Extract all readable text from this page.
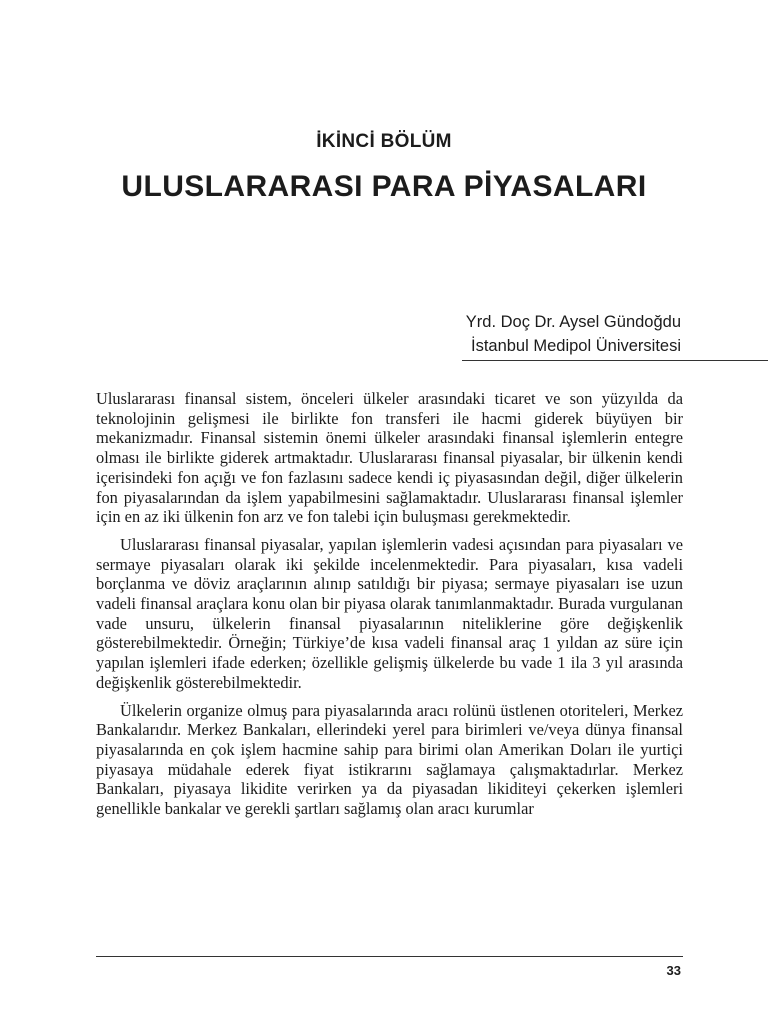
İKİNCİ BÖLÜM
ULUSLARARASI PARA PİYASALARI
Yrd. Doç Dr. Aysel Gündoğdu
İstanbul Medipol Üniversitesi

Uluslararası finansal sistem, önceleri ülkeler arasındaki ticaret ve son yüzyılda da teknolojinin gelişmesi ile birlikte fon transferi ile hacmi giderek büyüyen bir mekanizmadır. Finansal sistemin önemi ülkeler arasındaki finansal işlemlerin entegre olması ile birlikte giderek artmaktadır. Uluslararası finansal piyasalar, bir ülkenin kendi içerisindeki fon açığı ve fon fazlasını sadece kendi iç piyasasından değil, diğer ülkelerin fon piyasalarından da işlem yapabilmesini sağlamaktadır. Uluslararası finansal işlemler için en az iki ülkenin fon arz ve fon talebi için buluşması gerekmektedir.

Uluslararası finansal piyasalar, yapılan işlemlerin vadesi açısından para piyasaları ve sermaye piyasaları olarak iki şekilde incelenmektedir. Para piyasaları, kısa vadeli borçlanma ve döviz araçlarının alınıp satıldığı bir piyasa; sermaye piyasaları ise uzun vadeli finansal araçlara konu olan bir piyasa olarak tanımlanmaktadır. Burada vurgulanan vade unsuru, ülkelerin finansal piyasalarının niteliklerine göre değişkenlik gösterebilmektedir. Örneğin; Türkiye’de kısa vadeli finansal araç 1 yıldan az süre için yapılan işlemleri ifade ederken; özellikle gelişmiş ülkelerde bu vade 1 ila 3 yıl arasında değişkenlik gösterebilmektedir.

Ülkelerin organize olmuş para piyasalarında aracı rolünü üstlenen otoriteleri, Merkez Bankalarıdır. Merkez Bankaları, ellerindeki yerel para birimleri ve/veya dünya finansal piyasalarında en çok işlem hacmine sahip para birimi olan Amerikan Doları ile yurtiçi piyasaya müdahale ederek fiyat istikrarını sağlamaya çalışmaktadırlar. Merkez Bankaları, piyasaya likidite verirken ya da piyasadan likiditeyi çekerken işlemleri genellikle bankalar ve gerekli şartları sağlamış olan aracı kurumlar

33
